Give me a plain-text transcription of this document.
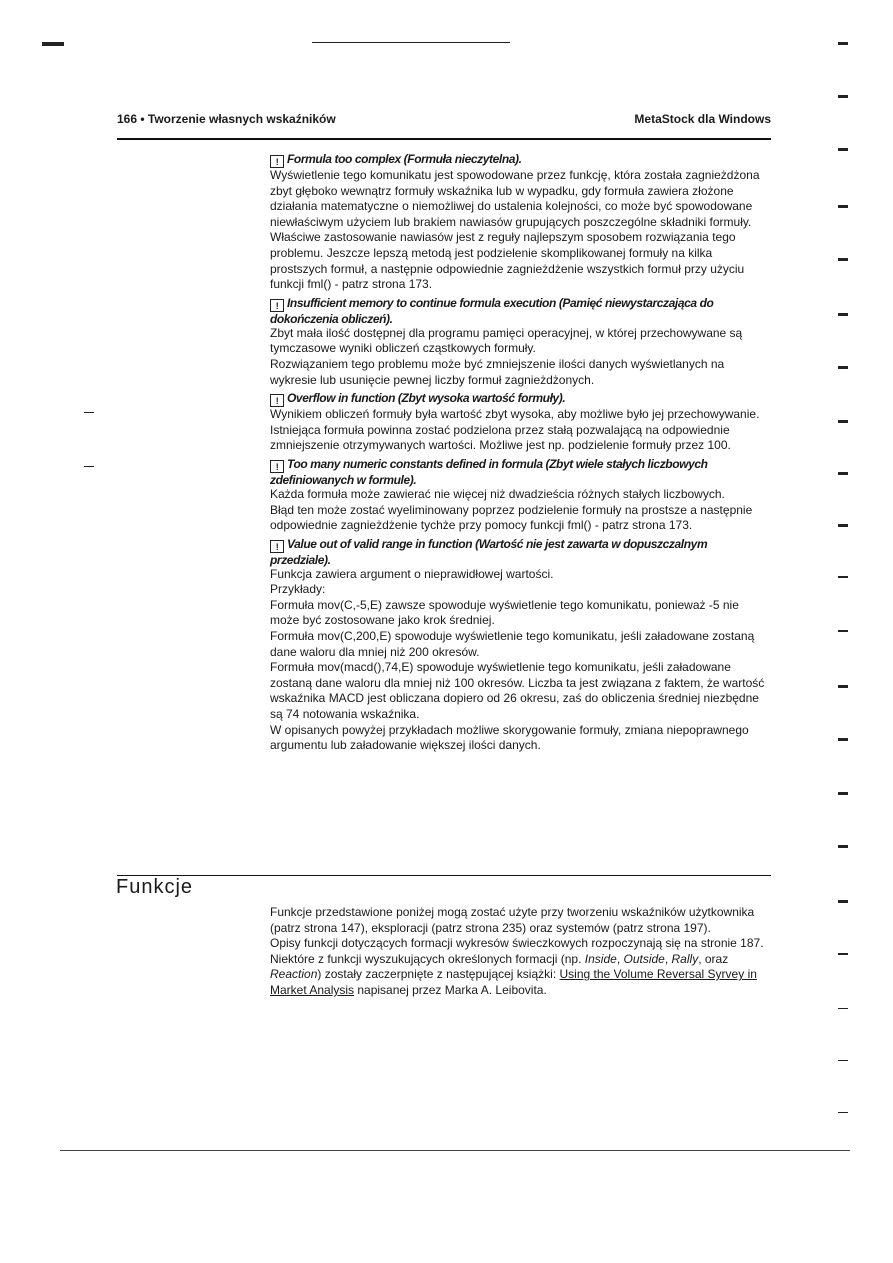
166 • Tworzenie własnych wskaźników	MetaStock dla Windows
! Formula too complex (Formuła nieczytelna).

Wyświetlenie tego komunikatu jest spowodowane przez funkcję, która została zagnieżdżona zbyt głęboko wewnątrz formuły wskaźnika lub w wypadku, gdy formuła zawiera złożone działania matematyczne o niemożliwej do ustalenia kolejności, co może być spowodowane niewłaściwym użyciem lub brakiem nawiasów grupujących poszczególne składniki formuły.

Właściwe zastosowanie nawiasów jest z reguły najlepszym sposobem rozwiązania tego problemu. Jeszcze lepszą metodą jest podzielenie skomplikowanej formuły na kilka prostszych formuł, a następnie odpowiednie zagnieżdżenie wszystkich formuł przy użyciu funkcji fml() - patrz strona 173.

! Insufficient memory to continue formula execution (Pamięć niewystarczająca do dokończenia obliczeń).

Zbyt mała ilość dostępnej dla programu pamięci operacyjnej, w której przechowywane są tymczasowe wyniki obliczeń cząstkowych formuły.

Rozwiązaniem tego problemu może być zmniejszenie ilości danych wyświetlanych na wykresie lub usunięcie pewnej liczby formuł zagnieżdżonych.

! Overflow in function (Zbyt wysoka wartość formuły).

Wynikiem obliczeń formuły była wartość zbyt wysoka, aby możliwe było jej przechowywanie.

Istniejąca formuła powinna zostać podzielona przez stałą pozwalającą na odpowiednie zmniejszenie otrzymywanych wartości. Możliwe jest np. podzielenie formuły przez 100.

! Too many numeric constants defined in formula (Zbyt wiele stałych liczbowych zdefiniowanych w formule).

Każda formuła może zawierać nie więcej niż dwadzieścia różnych stałych liczbowych.

Błąd ten może zostać wyeliminowany poprzez podzielenie formuły na prostsze a następnie odpowiednie zagnieżdżenie tychże przy pomocy funkcji fml() - patrz strona 173.

! Value out of valid range in function (Wartość nie jest zawarta w dopuszczalnym przedziale).

Funkcja zawiera argument o nieprawidłowej wartości.

Przykłady:

Formuła mov(C,-5,E) zawsze spowoduje wyświetlenie tego komunikatu, ponieważ -5 nie może być zostosowane jako krok średniej.

Formuła mov(C,200,E) spowoduje wyświetlenie tego komunikatu, jeśli załadowane zostaną dane waloru dla mniej niż 200 okresów.

Formuła mov(macd(),74,E) spowoduje wyświetlenie tego komunikatu, jeśli załadowane zostaną dane waloru dla mniej niż 100 okresów. Liczba ta jest związana z faktem, że wartość wskaźnika MACD jest obliczana dopiero od 26 okresu, zaś do obliczenia średniej niezbędne są 74 notowania wskaźnika.

W opisanych powyżej przykładach możliwe skorygowanie formuły, zmiana niepoprawnego argumentu lub załadowanie większej ilości danych.

Funkcje

Funkcje przedstawione poniżej mogą zostać użyte przy tworzeniu wskaźników użytkownika (patrz strona 147), eksploracji (patrz strona 235) oraz systemów (patrz strona 197).

Opisy funkcji dotyczących formacji wykresów świeczkowych rozpoczynają się na stronie 187.

Niektóre z funkcji wyszukujących określonych formacji (np. Inside, Outside, Rally, oraz Reaction) zostały zaczerpnięte z następującej książki: Using the Volume Reversal Syrvey in Market Analysis napisanej przez Marka A. Leibovita.
